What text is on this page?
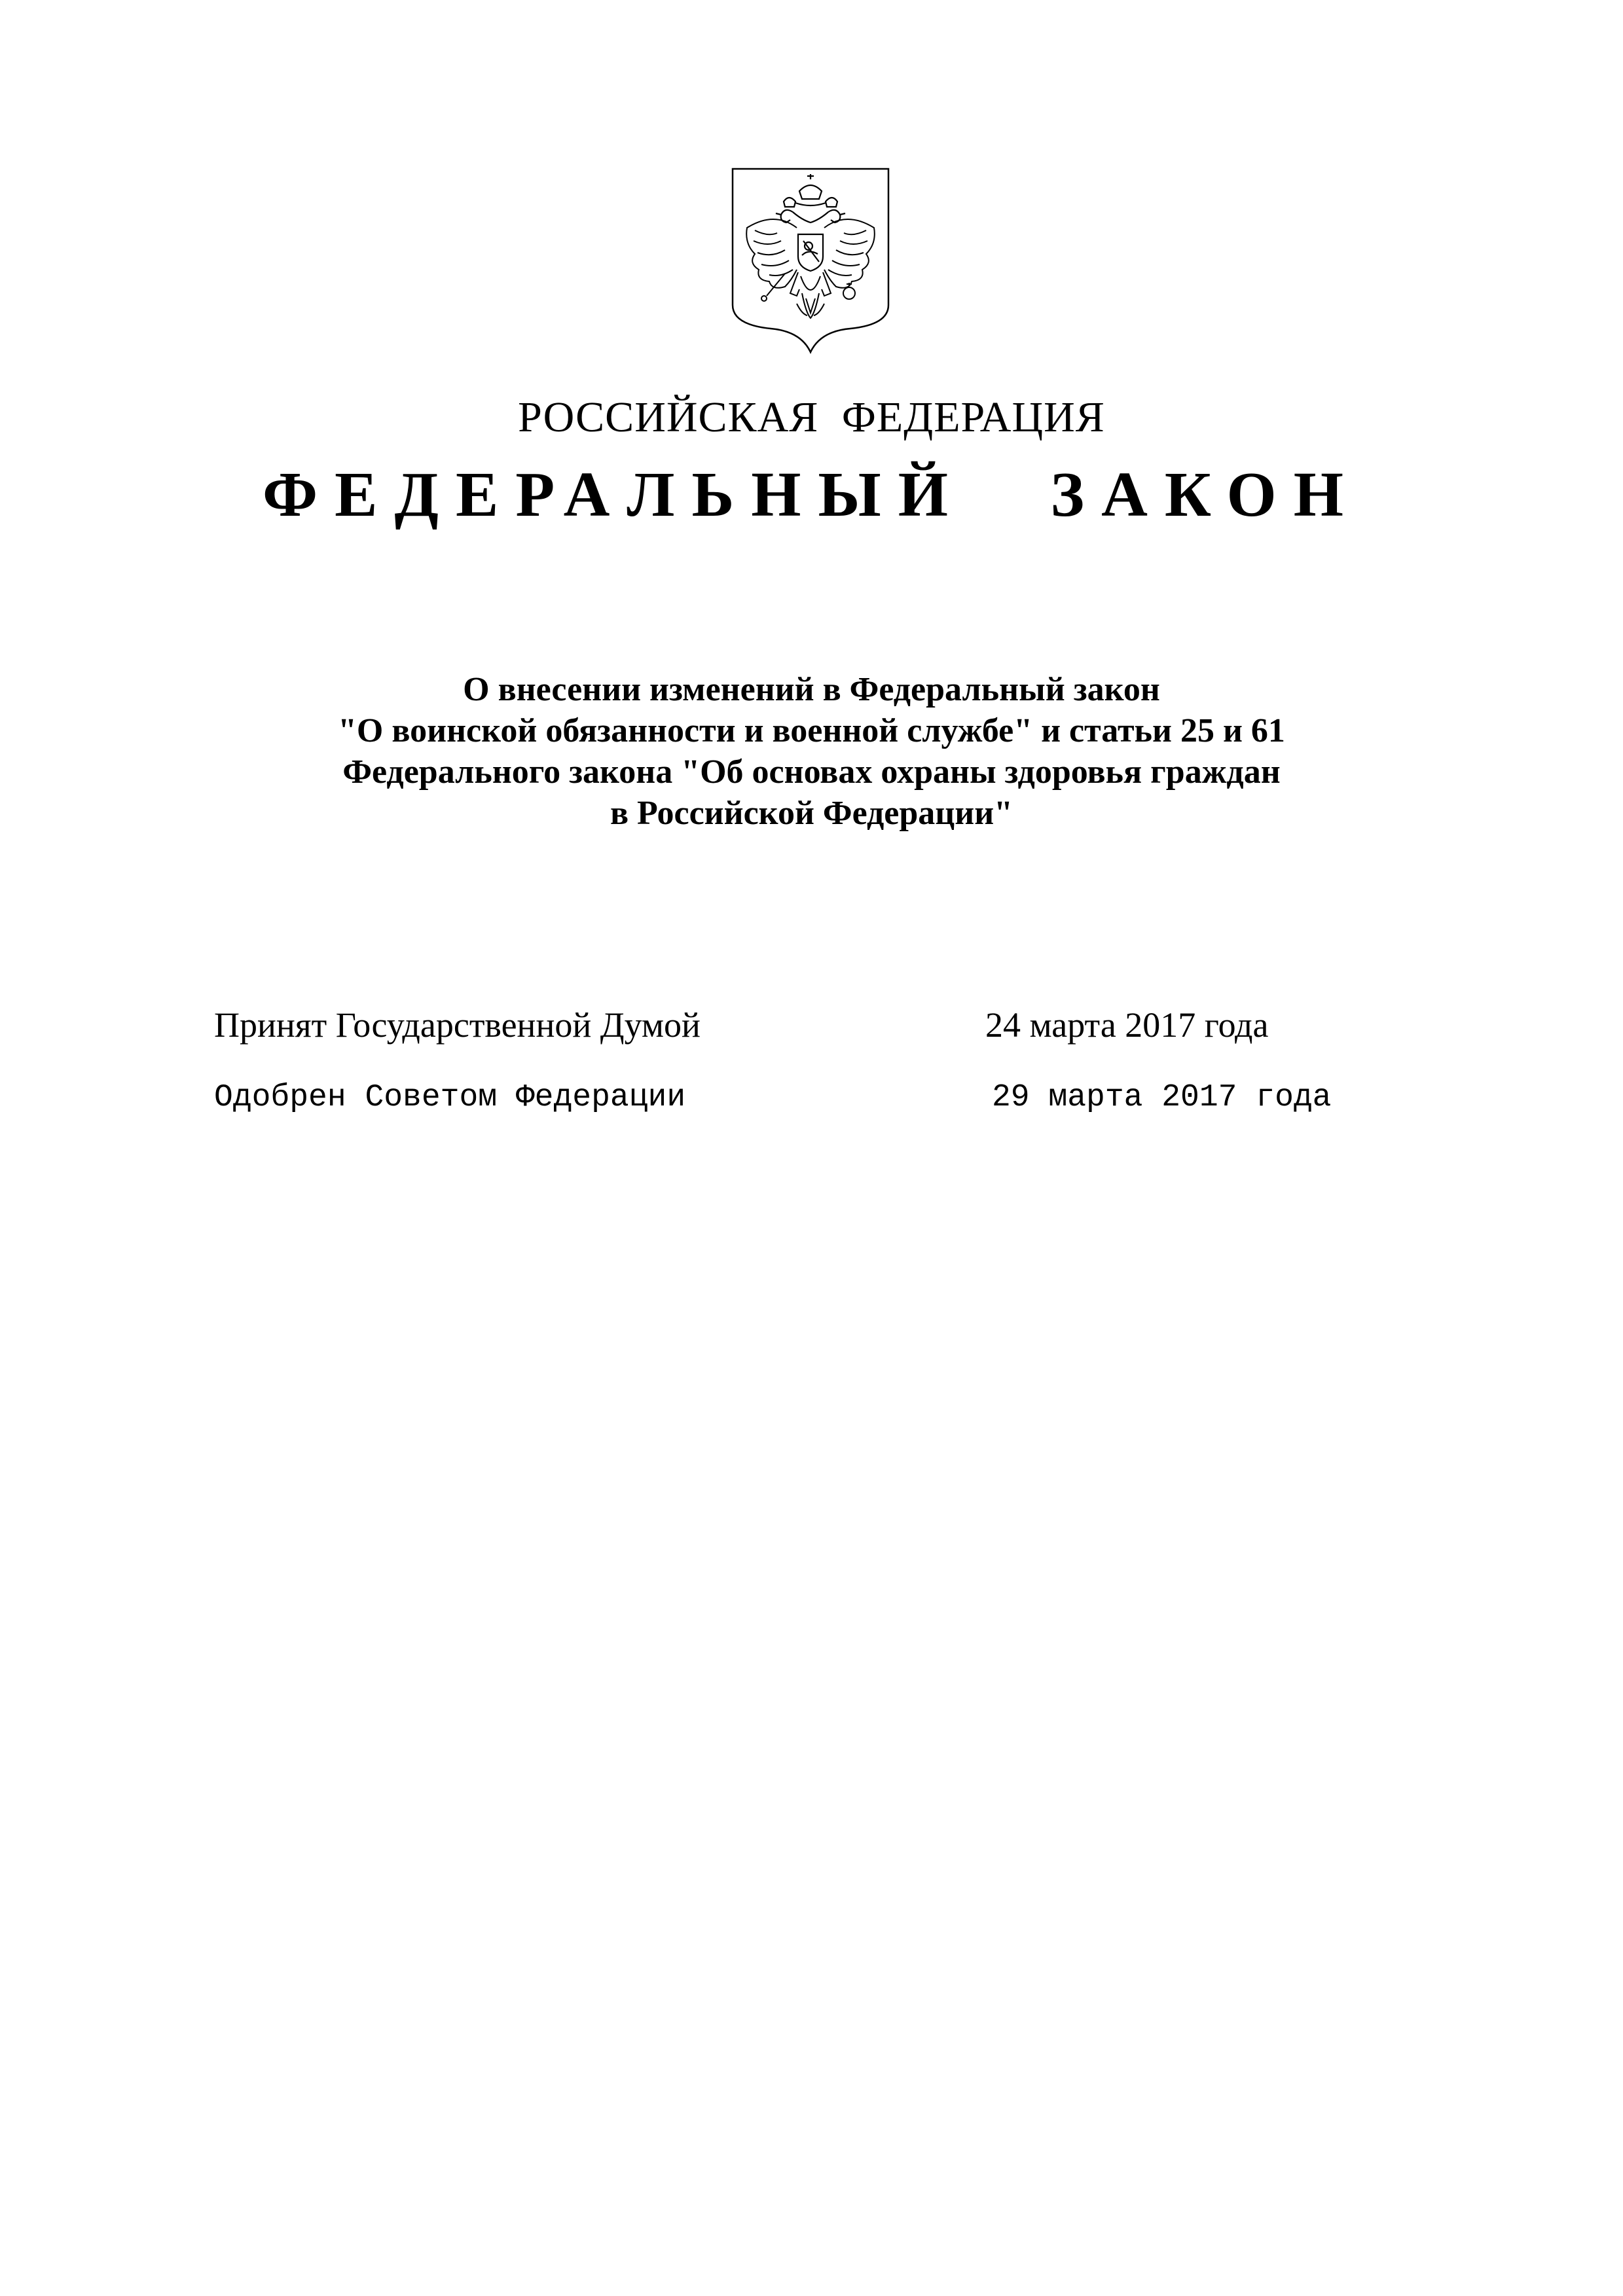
РОССИЙСКАЯ ФЕДЕРАЦИЯ
ФЕДЕРАЛЬНЫЙ ЗАКОН
О внесении изменений в Федеральный закон
"О воинской обязанности и военной службе" и статьи 25 и 61
Федерального закона "Об основах охраны здоровья граждан
в Российской Федерации"
Принят Государственной Думой	24 марта 2017 года
Одобрен Советом Федерации	29 марта 2017 года
